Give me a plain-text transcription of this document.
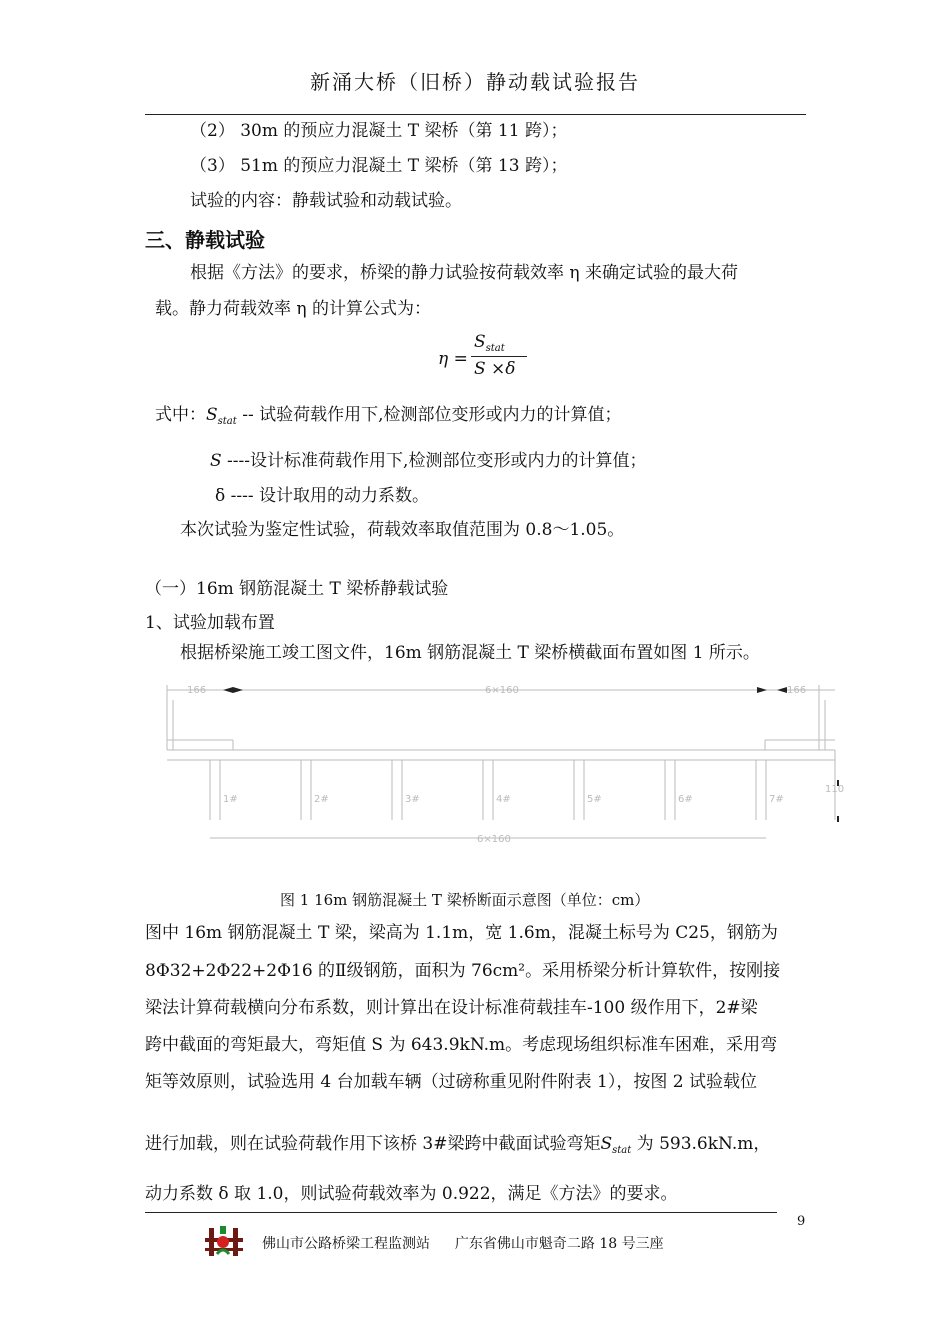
新涌大桥（旧桥）静动载试验报告
（2） 30m 的预应力混凝土 T 梁桥（第 11 跨）；
（3） 51m 的预应力混凝土 T 梁桥（第 13 跨）；
试验的内容：静载试验和动载试验。
三、静载试验
根据《方法》的要求，桥梁的静力试验按荷载效率 η 来确定试验的最大荷
载。静力荷载效率 η 的计算公式为：
η =
$S_{stat}$
S ×δ
式中：$S_{stat}$ -- 试验荷载作用下,检测部位变形或内力的计算值；
S ----设计标准荷载作用下,检测部位变形或内力的计算值；
δ ---- 设计取用的动力系数。
本次试验为鉴定性试验，荷载效率取值范围为 0.8～1.05。
（一）16m 钢筋混凝土 T 梁桥静载试验
1、试验加载布置
根据桥梁施工竣工图文件，16m 钢筋混凝土 T 梁桥横截面布置如图 1 所示。
166	6×160	166
110
6×160
1#	2#	3#	4#	5#	6#	7#
图 1 16m 钢筋混凝土 T 梁桥断面示意图（单位：cm）
图中 16m 钢筋混凝土 T 梁，梁高为 1.1m，宽 1.6m，混凝土标号为 C25，钢筋为
8Φ32+2Φ22+2Φ16 的Ⅱ级钢筋，面积为 76cm²。采用桥梁分析计算软件，按刚接
梁法计算荷载横向分布系数，则计算出在设计标准荷载挂车-100 级作用下，2#梁
跨中截面的弯矩最大，弯矩值 S 为 643.9kN.m。考虑现场组织标准车困难，采用弯
矩等效原则，试验选用 4 台加载车辆（过磅称重见附件附表 1），按图 2 试验载位
进行加载，则在试验荷载作用下该桥 3#梁跨中截面试验弯矩$S_{stat}$ 为 593.6kN.m，
动力系数 δ 取 1.0，则试验荷载效率为 0.922，满足《方法》的要求。
9
佛山市公路桥梁工程监测站 广东省佛山市魁奇二路 18 号三座
